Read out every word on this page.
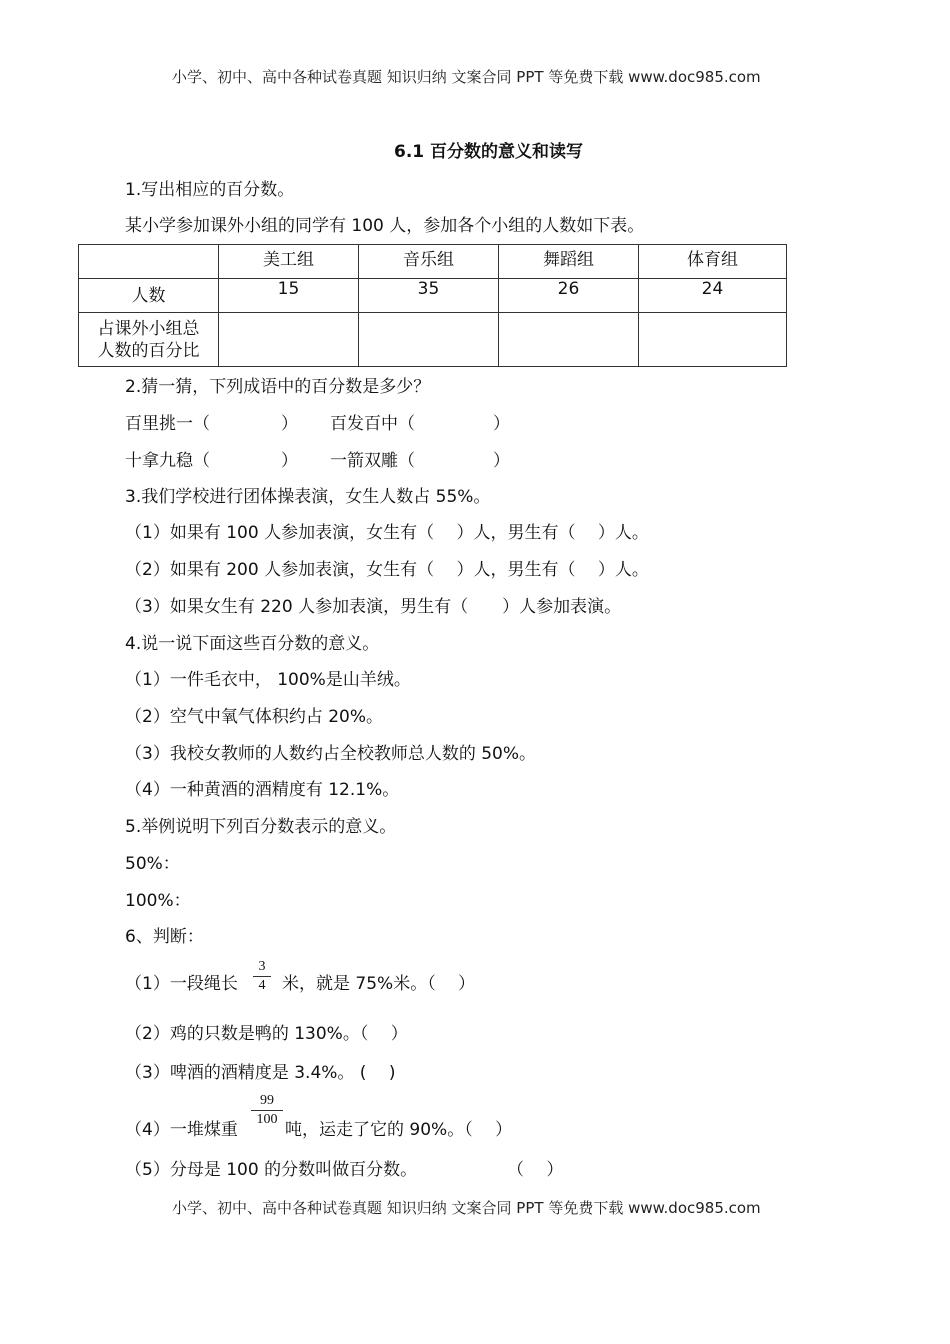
小学、初中、高中各种试卷真题 知识归纳 文案合同 PPT 等免费下载 www.doc985.com
6.1 百分数的意义和读写
1.写出相应的百分数。
某小学参加课外小组的同学有 100 人，参加各个小组的人数如下表。
	美工组	音乐组	舞蹈组	体育组
人数	15	35	26	24

占课外小组总
人数的百分比				

2.猜一猜，下列成语中的百分数是多少？
百里挑一（	） 百发百中（	）
十拿九稳（	） 一箭双雕（	）
3.我们学校进行团体操表演，女生人数占 55%。
（1）如果有 100 人参加表演，女生有（　 ）人，男生有（　 ）人。
（2）如果有 200 人参加表演，女生有（　 ）人，男生有（　 ）人。
（3）如果女生有 220 人参加表演，男生有（　　）人参加表演。
4.说一说下面这些百分数的意义。
（1）一件毛衣中， 100%是山羊绒。
（2）空气中氧气体积约占 20%。
（3）我校女教师的人数约占全校教师总人数的 50%。
（4）一种黄酒的酒精度有 12.1%。
5.举例说明下列百分数表示的意义。
50%：
100%：
6、判断：
（1）一段绳长
3
4 米，就是 75%米。（　 ）
（2）鸡的只数是鸭的 130%。（　 ）
（3）啤酒的酒精度是 3.4%。 (　 )
（4）一堆煤重
99
100
吨，运走了它的 90%。（　 ）
（5）分母是 100 的分数叫做百分数。	（　 ）
小学、初中、高中各种试卷真题 知识归纳 文案合同 PPT 等免费下载 www.doc985.com
